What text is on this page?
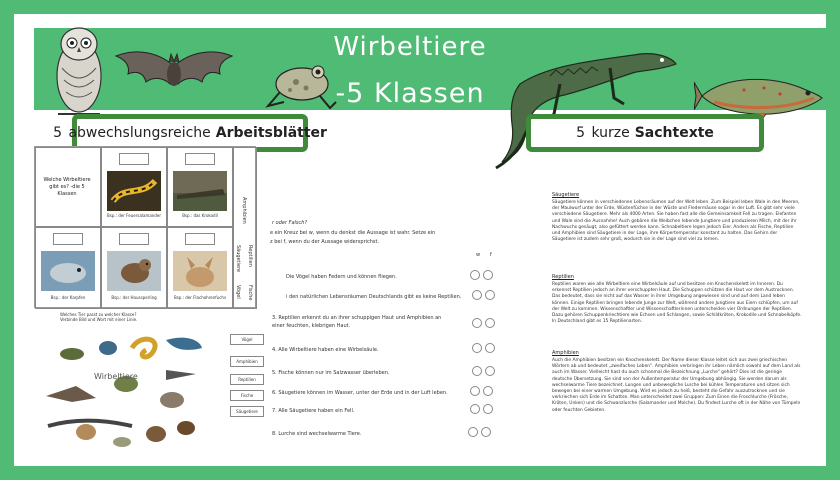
Wirbeltiere
-5 Klassen
5
abwechslungsreiche Arbeitsblätter	5
kurze Sachtexte
Welche Wirbeltiere gibt es? -die 5 Klassen
Bsp.: der Feuersalamander	Bsp.: das Krokodil
Bsp.: der Karpfen	Bsp.: der Haussperling	Bsp.: der Flachohrenfuchs
Amphibien
Säugetiere Reptilien
Vögel Fische
Welches Tier passt zu welcher Klasse? Verbinde Bild und Wort mit einer Linie.
Wirbeltiere
Vögel
Amphibien
Reptilien
Fische
Säugetiere
r oder Falsch?
e ein Kreuz bei w, wenn du denkst die Aussage ist wahr. Setze ein
z bei f, wenn du der Aussage widersprichst.
w f
Die Vögel haben Federn und können fliegen.
i den natürlichen Lebensräumen Deutschlands gibt es keine Reptilien.
3. Reptilien erkennt du an ihrer schuppigen Haut und Amphibien an einer feuchten, klebrigen Haut.
4. Alle Wirbeltiere haben eine Wirbelsäule.
5. Fische können nur im Salzwasser überleben.
6. Säugetiere können im Wasser, unter der Erde und in der Luft leben.
7. Alle Säugetiere haben ein Fell.
8. Lurche sind wechselwarme Tiere.
Säugetiere
Säugetiere können in verschiedenen Lebensräumen auf der Welt leben. Zum Beispiel leben Wale in den Meeren, der Maulwurf unter der Erde, Wüstenfüchse in der Wüste und Fledermäuse sogar in der Luft. Es gibt sehr viele verschiedene Säugetiere. Mehr als 4000 Arten. Sie haben fast alle die Gemeinsamkeit Fell zu tragen. Elefanten und Wale sind die Ausnahme! Auch gebären die Weibchen lebende Jungtiere und produzieren Milch, mit der ihr Nachwuchs gesäugt, also gefüttert werden kann. Schnabeltiere legen jedoch Eier. Anders als Fische, Reptilien und Amphibien sind Säugetiere in der Lage, ihre Körpertemperatur konstant zu halten. Das Gehirn der Säugetiere ist zudem sehr groß, wodurch sie in der Lage sind viel zu lernen.
Reptilien
Reptilien waren wie alle Wirbeltiere eine Wirbelsäule auf und besitzen ein Knochenskelett im Inneren. Du erkennst Reptilien jedoch an ihrer verschuppten Haut. Die Schuppen schützen die Haut vor dem Austrocknen. Das bedeutet, dass sie nicht auf das Wasser in ihrer Umgebung angewiesen sind und auf dem Land leben können. Einige Reptilien bringen lebende Junge zur Welt, während andere Jungtiere aus Eiern schlüpfen, um auf der Welt zu kommen. Wissenschaftler und Wissenschaftlerinnen unterscheiden vier Ordnungen der Reptilien. Dazu gehören Schuppenkriechtiere wie Echsen und Schlangen, sowie Schildkröten, Krokodile und Schnabelköpfe. In Deutschland gibt es 15 Reptilienarten.
Amphibien
Auch die Amphibien besitzen ein Knochenskelett. Der Name dieser Klasse leitet sich aus zwei griechischen Wörtern ab und bedeutet „zweifaches Leben". Amphibien verbringen ihr Leben nämlich sowohl auf dem Land als auch im Wasser. Vielleicht hast du auch schonmal die Bezeichnung „Lurche" gehört? Dies ist die geringe deutsche Übersetzung. Sie sind von der Außentemperatur der Umgebung abhängig. Sie werden darum als wechselwarme Tiere bezeichnet. Lungen und unbewegliche Lurche bei kühlen Temperaturen und sitzen sich bewegen bei einer warmen Umgebung. Wird es jedoch zu heiß, besteht die Gefahr auszutrocknen und sie verkriechen sich Erde im Schatten. Man unterscheidet zwei Gruppen: Zum Einen die Froschlurche (Frösche, Kröten, Unken) und die Schwanzlurche (Salamander und Molche). Du findest Lurche oft in der Nähe von Tümpeln oder feuchten Gebieten.
